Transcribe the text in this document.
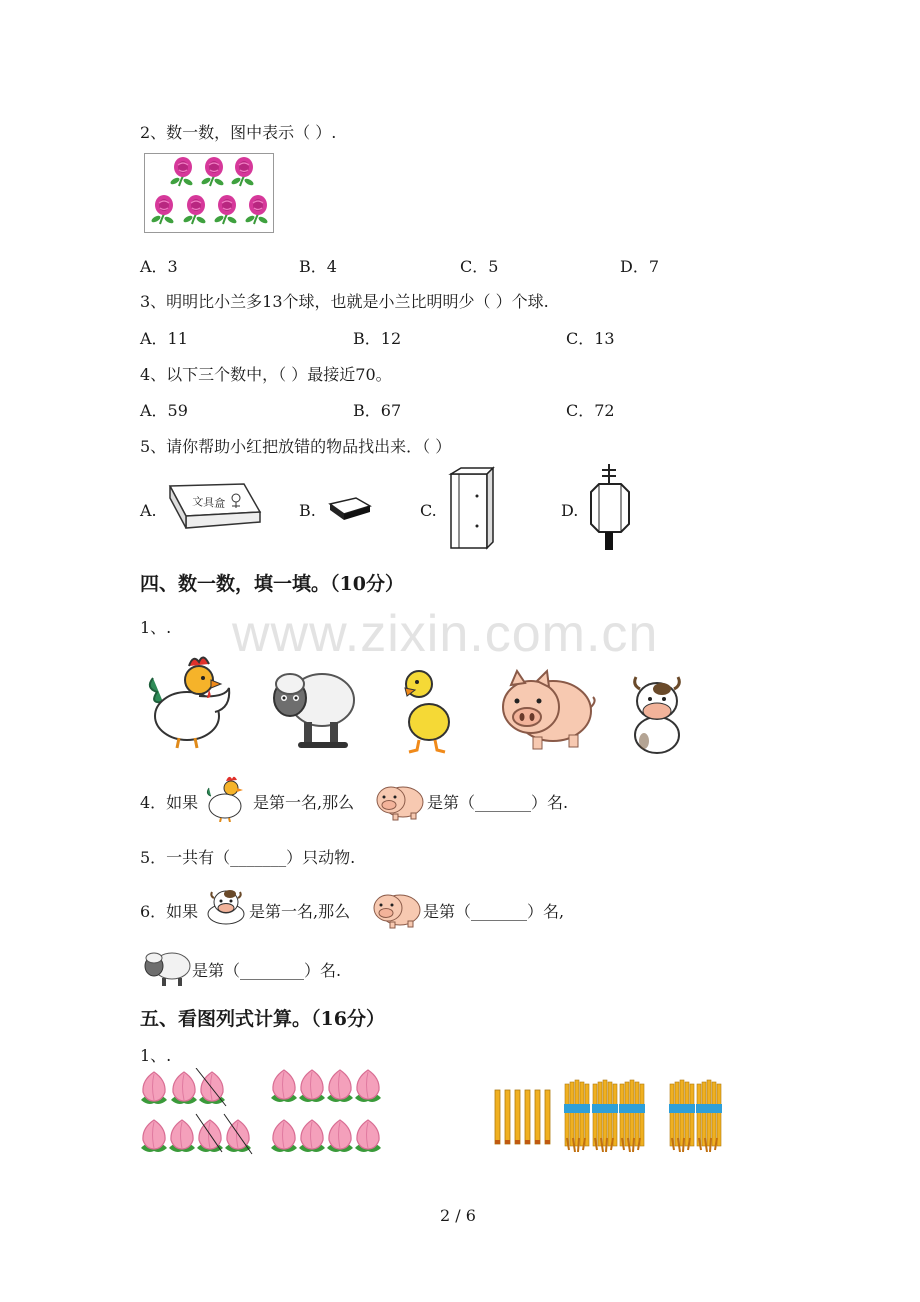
www.zixin.com.cn
2、数一数，图中表示（ ）.
A．3	B．4	C．5	D．7
3、明明比小兰多13个球，也就是小兰比明明少（ ）个球.
A．11	B．12	C．13
4、以下三个数中，（ ）最接近70。
A．59	B．67	C．72
5、请你帮助小红把放错的物品找出来．（ ）
A.	文具盒	B.	C.	D.
四、数一数，填一填。（10分）
1、.
4．如果	是第一名,那么	是第（_______）名.
5．一共有（_______）只动物.
6．如果	是第一名,那么	是第（_______）名,
是第（________）名.
五、看图列式计算。（16分）
1、.
2 / 6
